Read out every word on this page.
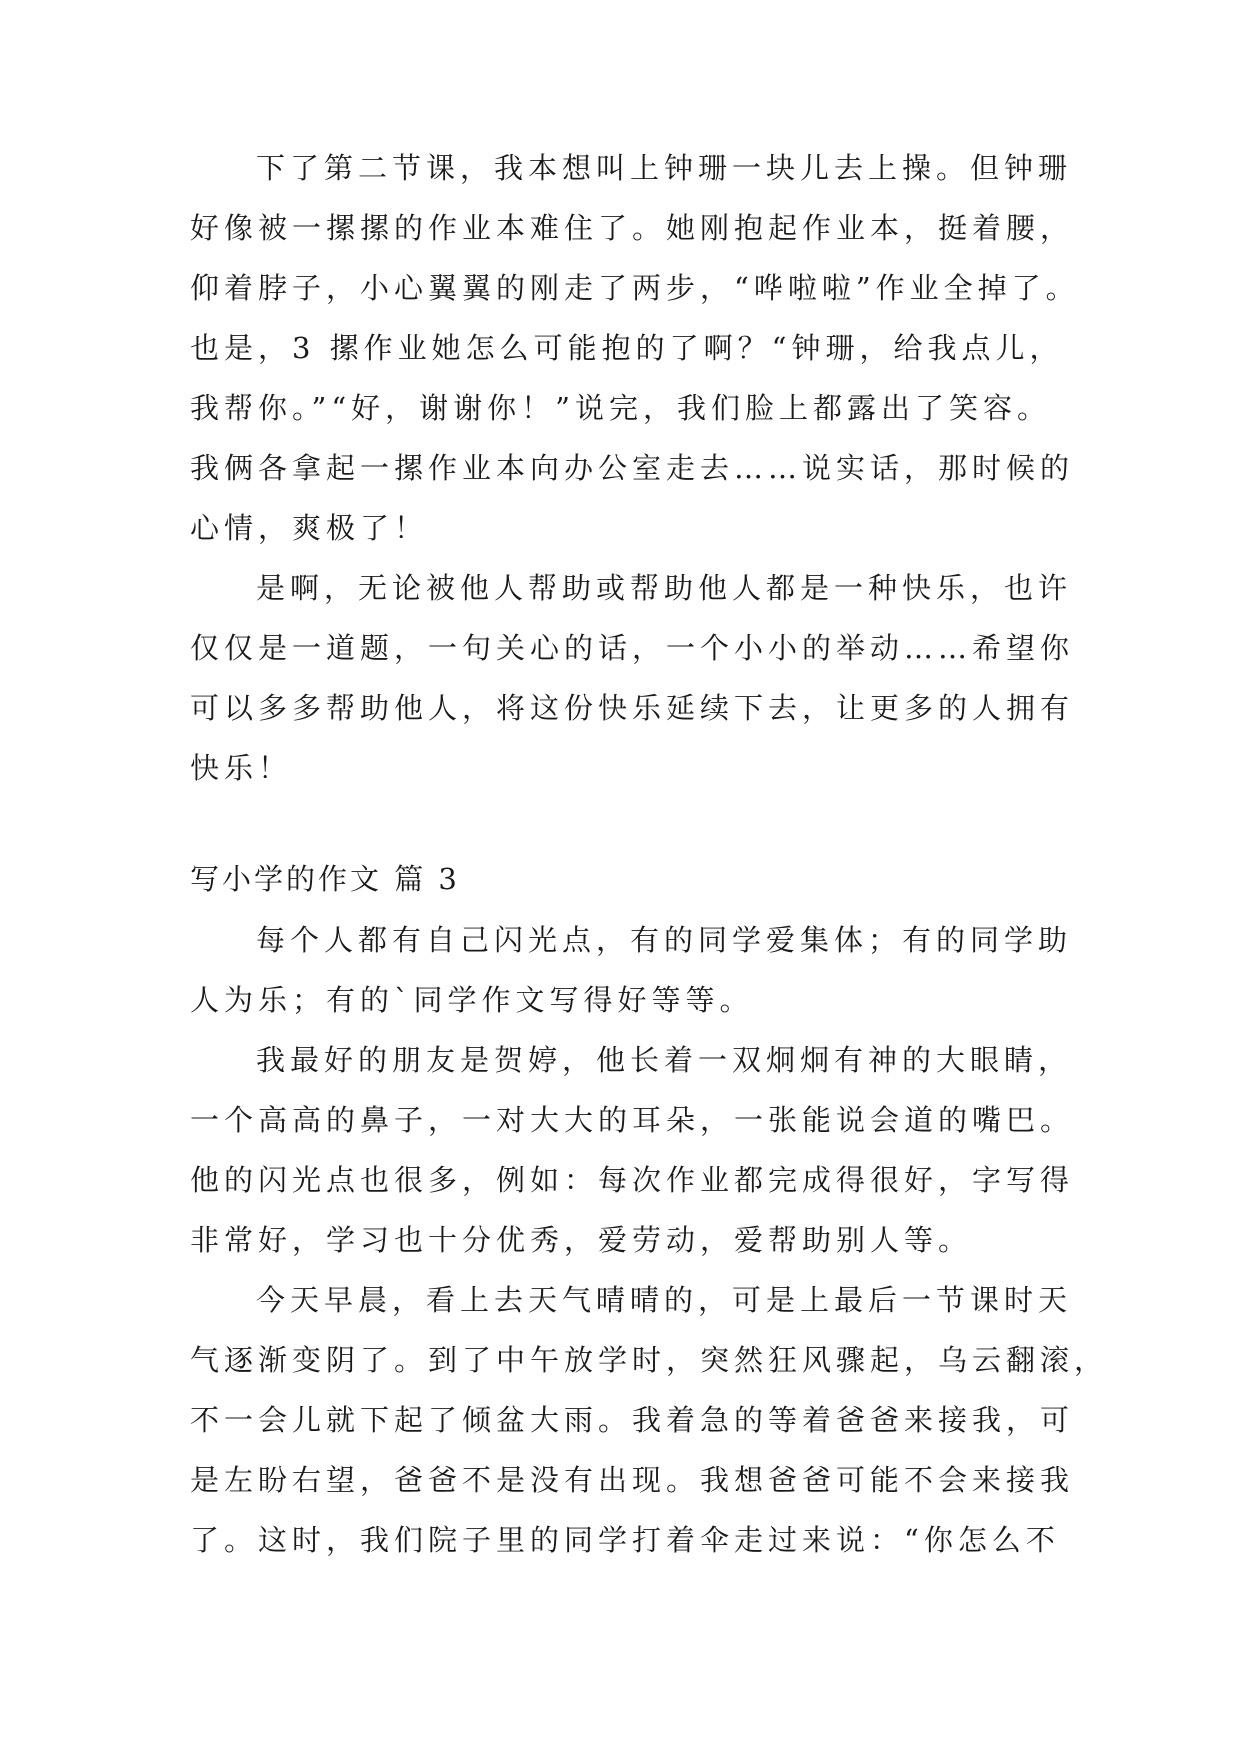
下了第二节课，我本想叫上钟珊一块儿去上操。但钟珊
好像被一摞摞的作业本难住了。她刚抱起作业本，挺着腰，
仰着脖子，小心翼翼的刚走了两步，“哗啦啦”作业全掉了。
也是，3 摞作业她怎么可能抱的了啊？“钟珊，给我点儿，
我帮你。”“好，谢谢你！”说完，我们脸上都露出了笑容。
我俩各拿起一摞作业本向办公室走去……说实话，那时候的
心情，爽极了！
是啊，无论被他人帮助或帮助他人都是一种快乐，也许
仅仅是一道题，一句关心的话，一个小小的举动……希望你
可以多多帮助他人，将这份快乐延续下去，让更多的人拥有
快乐！
写小学的作文 篇 3
每个人都有自己闪光点，有的同学爱集体；有的同学助
人为乐；有的`同学作文写得好等等。
我最好的朋友是贺婷，他长着一双炯炯有神的大眼睛，
一个高高的鼻子，一对大大的耳朵，一张能说会道的嘴巴。
他的闪光点也很多，例如：每次作业都完成得很好，字写得
非常好，学习也十分优秀，爱劳动，爱帮助别人等。
今天早晨，看上去天气晴晴的，可是上最后一节课时天
气逐渐变阴了。到了中午放学时，突然狂风骤起，乌云翻滚，
不一会儿就下起了倾盆大雨。我着急的等着爸爸来接我，可
是左盼右望，爸爸不是没有出现。我想爸爸可能不会来接我
了。这时，我们院子里的同学打着伞走过来说：“你怎么不
